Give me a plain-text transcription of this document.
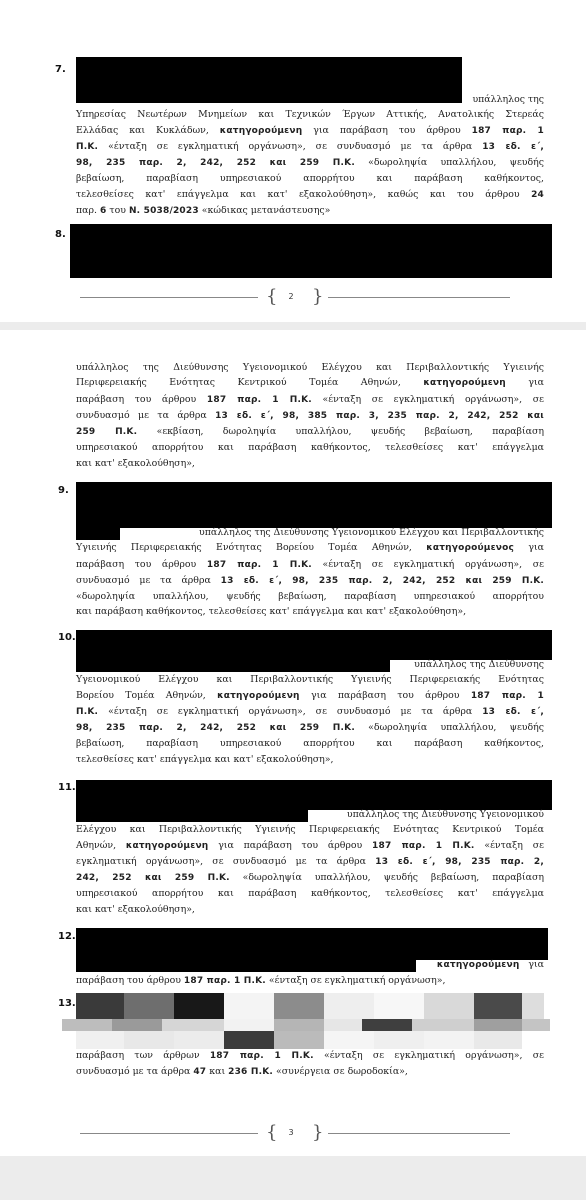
7.

υπάλληλος της
Υπηρεσίας Νεωτέρων Μνημείων και Τεχνικών Έργων Αττικής, Ανατολικής Στερεάς
Ελλάδας και Κυκλάδων, κατηγορούμενη για παράβαση του άρθρου 187 παρ. 1
Π.Κ. «ένταξη σε εγκληματική οργάνωση», σε συνδυασμό με τα άρθρα 13 εδ. ε΄,
98, 235 παρ. 2, 242, 252 και 259 Π.Κ. «δωροληψία υπαλλήλου, ψευδής
βεβαίωση, παραβίαση υπηρεσιακού απορρήτου και παράβαση καθήκοντος,
τελεσθείσες κατ' επάγγελμα και κατ' εξακολούθηση», καθώς και του άρθρου 24
παρ. 6 του Ν. 5038/2023 «κώδικας μετανάστευσης»

8.
{	2	}

υπάλληλος της Διεύθυνσης Υγειονομικού Ελέγχου και Περιβαλλοντικής Υγιεινής
Περιφερειακής Ενότητας Κεντρικού Τομέα Αθηνών,	κατηγορούμενη για
παράβαση του άρθρου 187 παρ. 1 Π.Κ. «ένταξη σε εγκληματική οργάνωση», σε
συνδυασμό με τα άρθρα 13 εδ. ε΄, 98, 385 παρ. 3, 235 παρ. 2, 242, 252 και
259 Π.Κ. «εκβίαση, δωροληψία υπαλλήλου, ψευδής βεβαίωση, παραβίαση
υπηρεσιακού απορρήτου και παράβαση καθήκοντος, τελεσθείσες κατ' επάγγελμα
και κατ' εξακολούθηση»,

9.

υπάλληλος της Διεύθυνσης Υγειονομικού Ελέγχου και Περιβαλλοντικής
Υγιεινής Περιφερειακής Ενότητας Βορείου Τομέα Αθηνών, κατηγορούμενος για
παράβαση του άρθρου 187 παρ. 1 Π.Κ. «ένταξη σε εγκληματική οργάνωση», σε
συνδυασμό με τα άρθρα 13 εδ. ε΄, 98, 235 παρ. 2, 242, 252 και 259 Π.Κ.
«δωροληψία υπαλλήλου, ψευδής βεβαίωση, παραβίαση υπηρεσιακού απορρήτου
και παράβαση καθήκοντος, τελεσθείσες κατ' επάγγελμα και κατ' εξακολούθηση»,

10.

υπάλληλος της Διεύθυνσης
Υγειονομικού Ελέγχου και Περιβαλλοντικής Υγιεινής Περιφερειακής Ενότητας
Βορείου Τομέα Αθηνών, κατηγορούμενη για παράβαση του άρθρου 187 παρ. 1
Π.Κ. «ένταξη σε εγκληματική οργάνωση», σε συνδυασμό με τα άρθρα 13 εδ. ε΄,
98, 235 παρ. 2, 242, 252 και 259 Π.Κ. «δωροληψία υπαλλήλου, ψευδής
βεβαίωση, παραβίαση υπηρεσιακού απορρήτου και παράβαση καθήκοντος,
τελεσθείσες κατ' επάγγελμα και κατ' εξακολούθηση»,

11.

υπάλληλος της Διεύθυνσης Υγειονομικού
Ελέγχου και Περιβαλλοντικής Υγιεινής Περιφερειακής Ενότητας Κεντρικού Τομέα
Αθηνών, κατηγορούμενη για παράβαση του άρθρου 187 παρ. 1 Π.Κ. «ένταξη σε
εγκληματική οργάνωση», σε συνδυασμό με τα άρθρα 13 εδ. ε΄, 98, 235 παρ. 2,
242, 252 και 259 Π.Κ. «δωροληψία υπαλλήλου, ψευδής βεβαίωση, παραβίαση
υπηρεσιακού απορρήτου και παράβαση καθήκοντος, τελεσθείσες κατ' επάγγελμα
και κατ' εξακολούθηση»,

12.

κατηγορούμενη για
παράβαση του άρθρου 187 παρ. 1 Π.Κ. «ένταξη σε εγκληματική οργάνωση»,

13.

παράβαση των άρθρων 187 παρ. 1 Π.Κ. «ένταξη σε εγκληματική οργάνωση», σε
συνδυασμό με τα άρθρα 47 και 236 Π.Κ. «συνέργεια σε δωροδοκία»,

{	3	}
